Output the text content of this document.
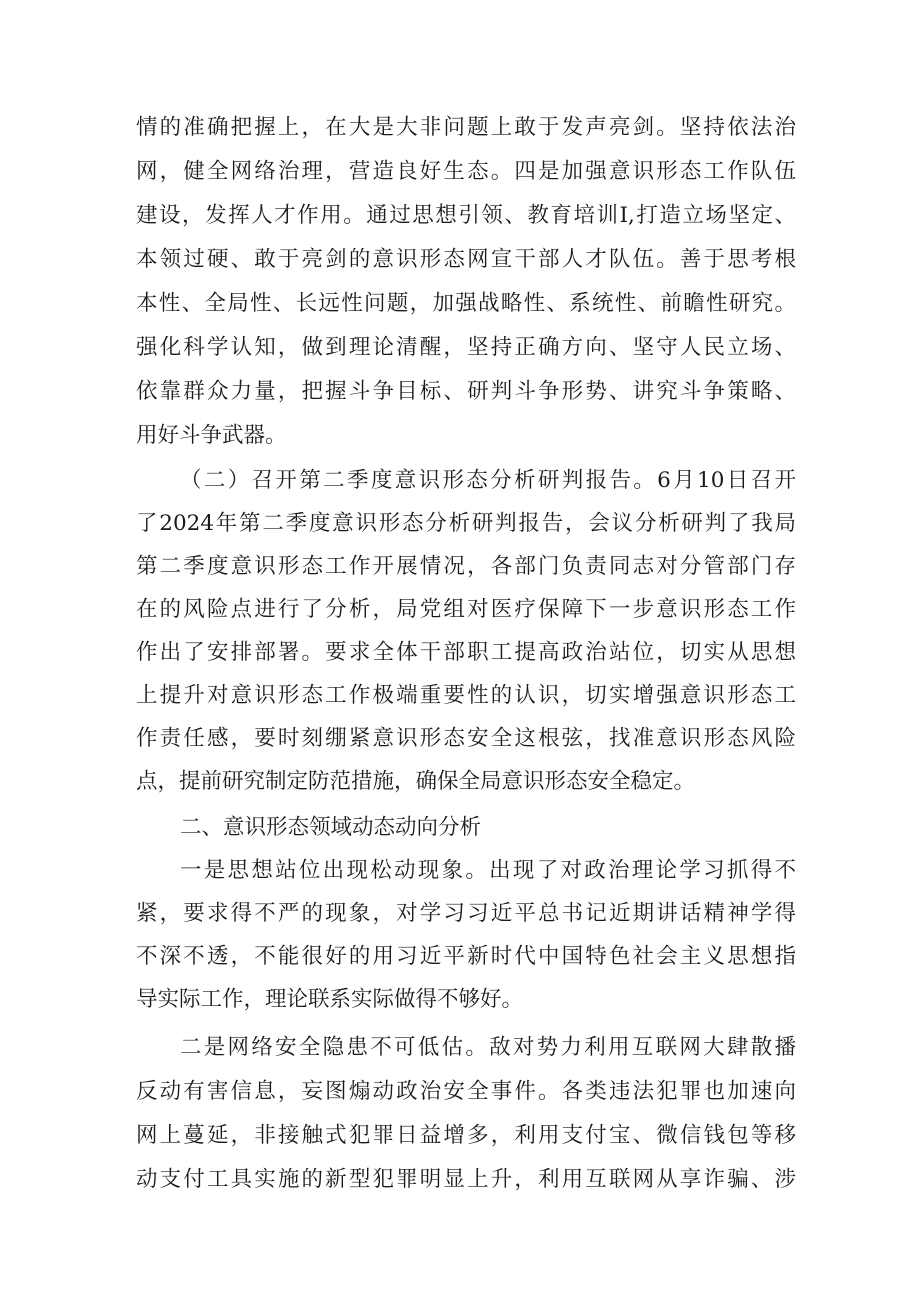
情的准确把握上，在大是大非问题上敢于发声亮剑。坚持依法治
网，健全网络治理，营造良好生态。四是加强意识形态工作队伍
建设，发挥人才作用。通过思想引领、教育培训I,打造立场坚定、
本领过硬、敢于亮剑的意识形态网宣干部人才队伍。善于思考根
本性、全局性、长远性问题，加强战略性、系统性、前瞻性研究。
强化科学认知，做到理论清醒，坚持正确方向、坚守人民立场、
依靠群众力量，把握斗争目标、研判斗争形势、讲究斗争策略、
用好斗争武器。
（二）召开第二季度意识形态分析研判报告。6月10日召开
了2024年第二季度意识形态分析研判报告，会议分析研判了我局
第二季度意识形态工作开展情况，各部门负责同志对分管部门存
在的风险点进行了分析，局党组对医疗保障下一步意识形态工作
作出了安排部署。要求全体干部职工提高政治站位，切实从思想
上提升对意识形态工作极端重要性的认识，切实增强意识形态工
作责任感，要时刻绷紧意识形态安全这根弦，找准意识形态风险
点，提前研究制定防范措施，确保全局意识形态安全稳定。
二、意识形态领域动态动向分析
一是思想站位出现松动现象。出现了对政治理论学习抓得不
紧，要求得不严的现象，对学习习近平总书记近期讲话精神学得
不深不透，不能很好的用习近平新时代中国特色社会主义思想指
导实际工作，理论联系实际做得不够好。
二是网络安全隐患不可低估。敌对势力利用互联网大肆散播
反动有害信息，妄图煽动政治安全事件。各类违法犯罪也加速向
网上蔓延，非接触式犯罪日益增多，利用支付宝、微信钱包等移
动支付工具实施的新型犯罪明显上升，利用互联网从享诈骗、涉
